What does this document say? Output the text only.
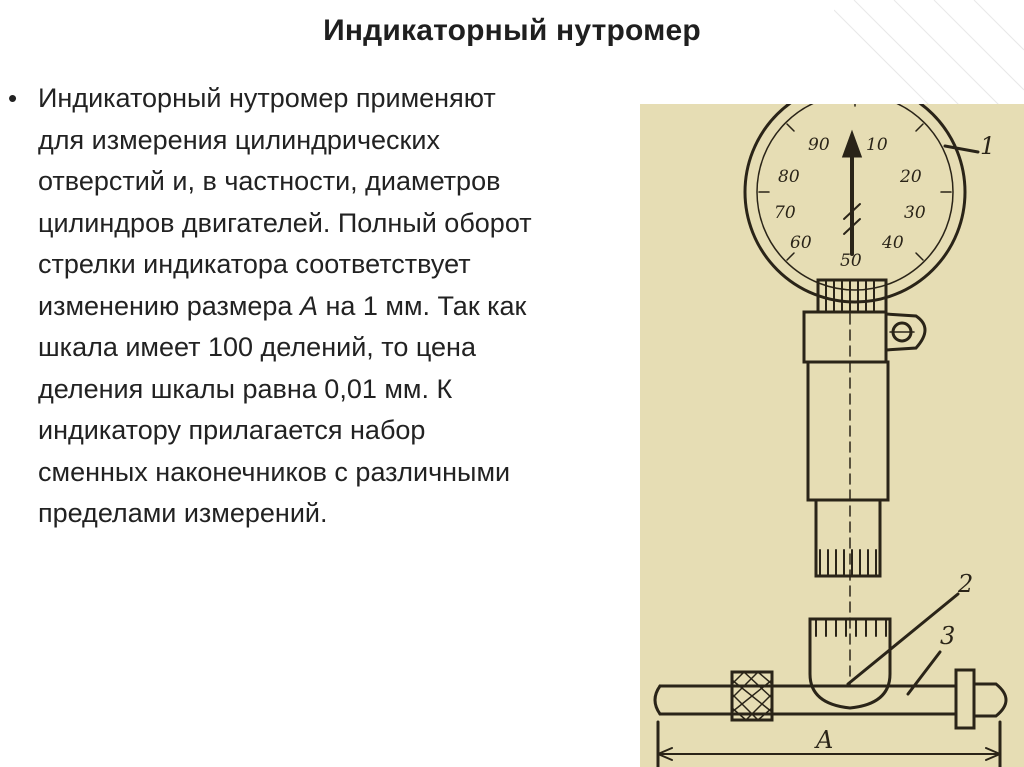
Индикаторный нутромер
• Индикаторный нутромер применяют для измерения цилиндрических отверстий и, в частности, диаметров цилиндров двигателей. Полный оборот стрелки индикатора соответствует изменению размера A на 1 мм. Так как шкала имеет 100 делений, то цена деления шкалы равна 0,01 мм. К индикатору прилагается набор сменных наконечников с различными пределами измерений.
90 10
80	20
70	30
60	40
50
1
2
3
A
